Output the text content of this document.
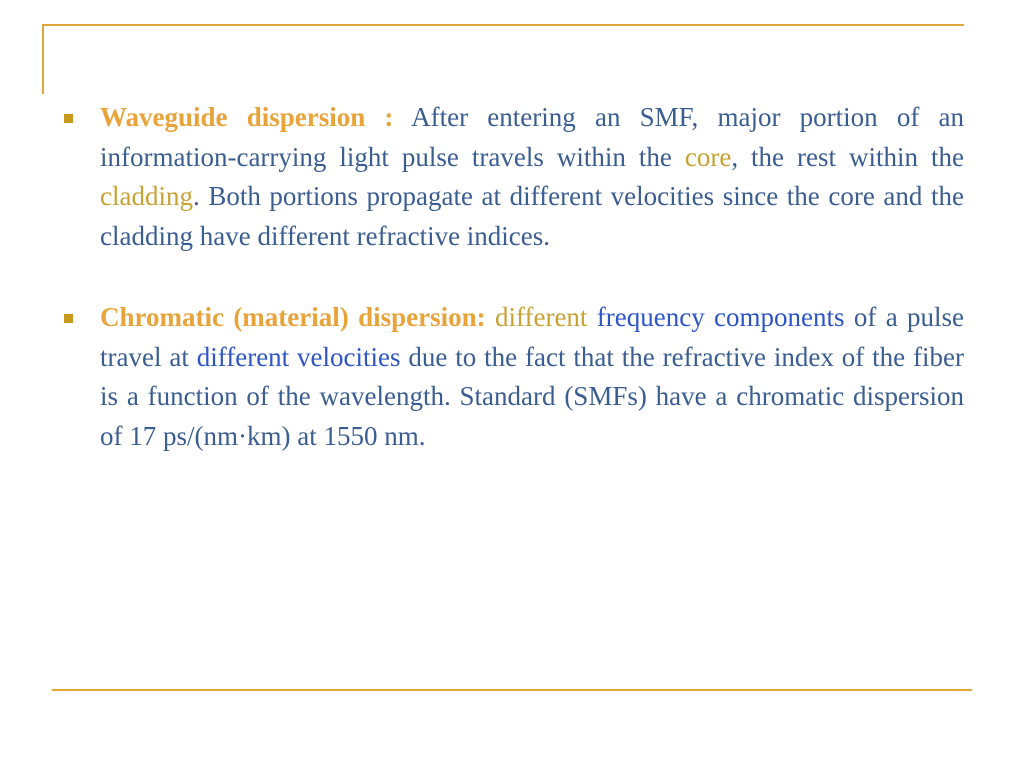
Waveguide dispersion : After entering an SMF, major portion of an information-carrying light pulse travels within the core, the rest within the cladding. Both portions propagate at different velocities since the core and the cladding have different refractive indices.

Chromatic (material) dispersion: different frequency components of a pulse travel at different velocities due to the fact that the refractive index of the fiber is a function of the wavelength. Standard (SMFs) have a chromatic dispersion of 17 ps/(nm·km) at 1550 nm.
